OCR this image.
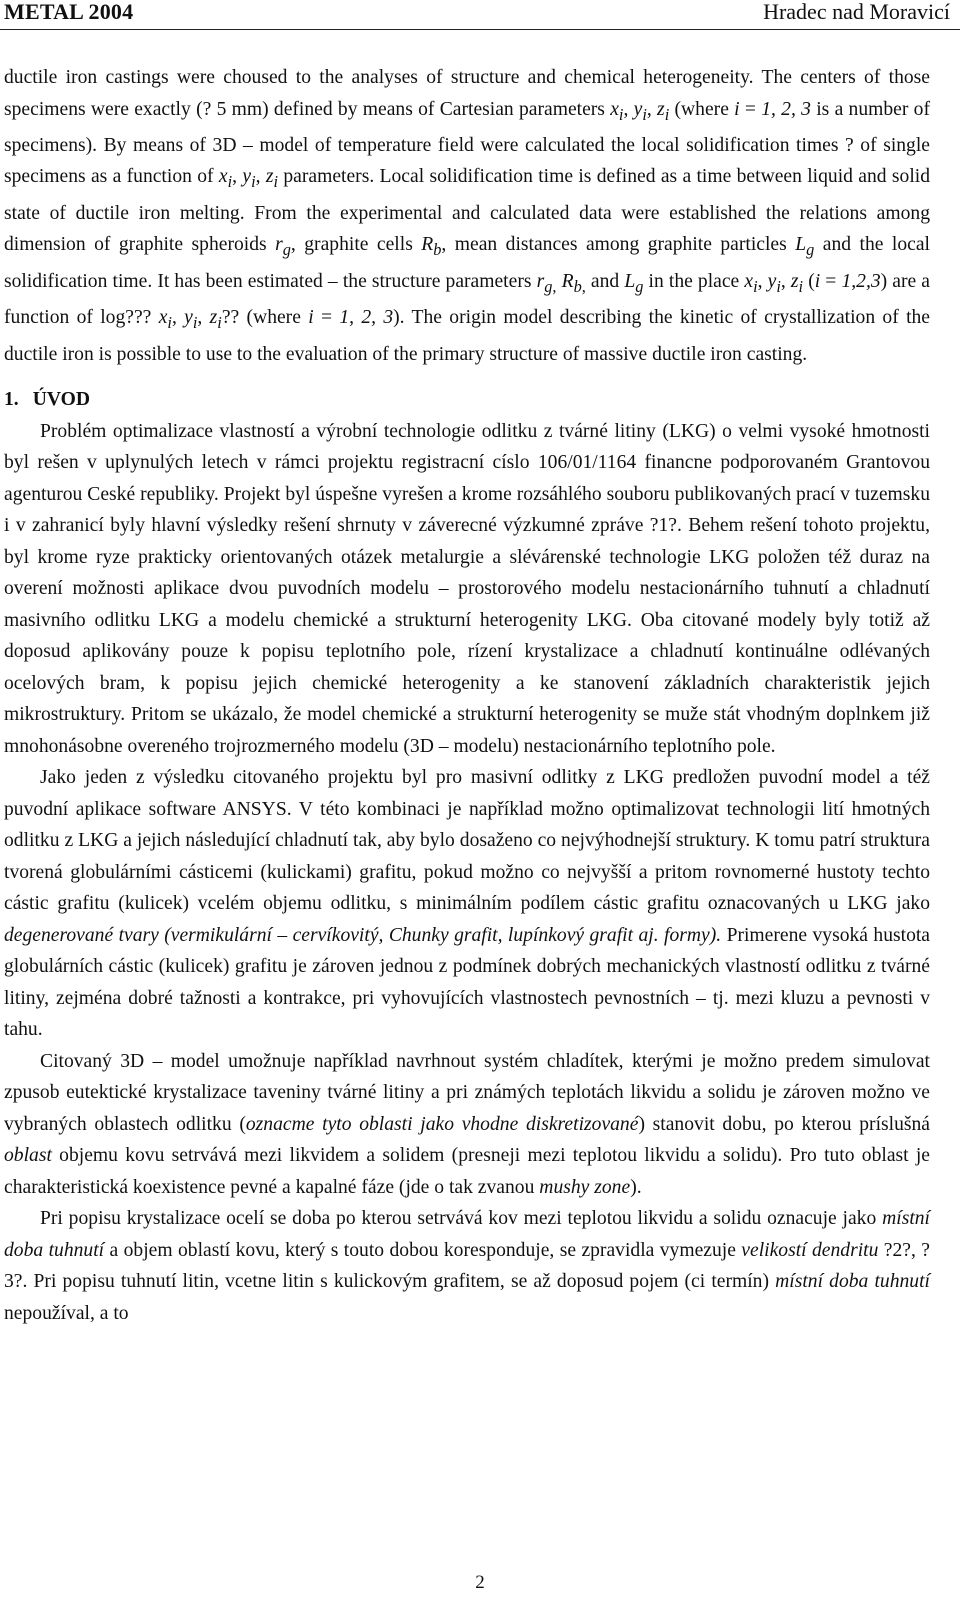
METAL 2004	Hradec nad Moravicí

ductile iron castings were choused to the analyses of structure and chemical heterogeneity. The centers of those specimens were exactly (? 5 mm) defined by means of Cartesian parameters $x_i$, $y_i$, $z_i$ (where i = 1, 2, 3 is a number of specimens). By means of 3D – model of temperature field were calculated the local solidification times ? of single specimens as a function of $x_i$, $y_i$, $z_i$ parameters. Local solidification time is defined as a time between liquid and solid state of ductile iron melting. From the experimental and calculated data were established the relations among dimension of graphite spheroids $r_g$, graphite cells $R_b$, mean distances among graphite particles $L_g$ and the local solidification time. It has been estimated – the structure parameters $r_{g,}$ $R_{b,}$ and $L_g$ in the place $x_i$, $y_i$, $z_i$ (i = 1,2,3) are a function of log??? $x_i$, $y_i$, $z_i$?? (where i = 1, 2, 3). The origin model describing the kinetic of crystallization of the ductile iron is possible to use to the evaluation of the primary structure of massive ductile iron casting.

1. ÚVOD

Problém optimalizace vlastností a výrobní technologie odlitku z tvárné litiny (LKG) o velmi vysoké hmotnosti byl rešen v uplynulých letech v rámci projektu registracní císlo 106/01/1164 financne podporovaném Grantovou agenturou Ceské republiky. Projekt byl úspešne vyrešen a krome rozsáhlého souboru publikovaných prací v tuzemsku i v zahranicí byly hlavní výsledky rešení shrnuty v záverecné výzkumné zpráve ?1?. Behem rešení tohoto projektu, byl krome ryze prakticky orientovaných otázek metalurgie a slévárenské technologie LKG položen též duraz na overení možnosti aplikace dvou puvodních modelu – prostorového modelu nestacionárního tuhnutí a chladnutí masivního odlitku LKG a modelu chemické a strukturní heterogenity LKG. Oba citované modely byly totiž až doposud aplikovány pouze k popisu teplotního pole, rízení krystalizace a chladnutí kontinuálne odlévaných ocelových bram, k popisu jejich chemické heterogenity a ke stanovení základních charakteristik jejich mikrostruktury. Pritom se ukázalo, že model chemické a strukturní heterogenity se muže stát vhodným doplnkem již mnohonásobne overeného trojrozmerného modelu (3D – modelu) nestacionárního teplotního pole.

Jako jeden z výsledku citovaného projektu byl pro masivní odlitky z LKG predložen puvodní model a též puvodní aplikace software ANSYS. V této kombinaci je například možno optimalizovat technologii lití hmotných odlitku z LKG a jejich následující chladnutí tak, aby bylo dosaženo co nejvýhodnejší struktury. K tomu patrí struktura tvorená globulárními cásticemi (kulickami) grafitu, pokud možno co nejvyšší a pritom rovnomerné hustoty techto cástic grafitu (kulicek) vcelém objemu odlitku, s minimálním podílem cástic grafitu oznacovaných u LKG jako degenerované tvary (vermikulární – cervíkovitý, Chunky grafit, lupínkový grafit aj. formy). Primerene vysoká hustota globulárních cástic (kulicek) grafitu je zároven jednou z podmínek dobrých mechanických vlastností odlitku z tvárné litiny, zejména dobré tažnosti a kontrakce, pri vyhovujících vlastnostech pevnostních – tj. mezi kluzu a pevnosti v tahu.

Citovaný 3D – model umožnuje například navrhnout systém chladítek, kterými je možno predem simulovat zpusob eutektické krystalizace taveniny tvárné litiny a pri známých teplotách likvidu a solidu je zároven možno ve vybraných oblastech odlitku (oznacme tyto oblasti jako vhodne diskretizované) stanovit dobu, po kterou príslušná oblast objemu kovu setrvává mezi likvidem a solidem (presneji mezi teplotou likvidu a solidu). Pro tuto oblast je charakteristická koexistence pevné a kapalné fáze (jde o tak zvanou mushy zone).

Pri popisu krystalizace ocelí se doba po kterou setrvává kov mezi teplotou likvidu a solidu oznacuje jako místní doba tuhnutí a objem oblastí kovu, který s touto dobou koresponduje, se zpravidla vymezuje velikostí dendritu ?2?, ?3?. Pri popisu tuhnutí litin, vcetne litin s kulickovým grafitem, se až doposud pojem (ci termín) místní doba tuhnutí nepoužíval, a to

2
